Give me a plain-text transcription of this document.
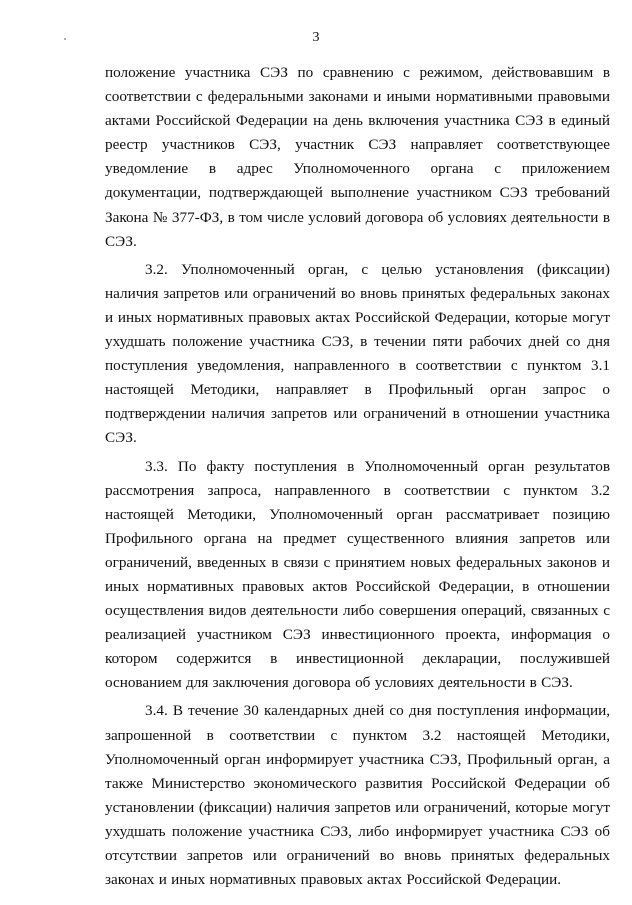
3

положение участника СЭЗ по сравнению с режимом, действовавшим в соответствии с федеральными законами и иными нормативными правовыми актами Российской Федерации на день включения участника СЭЗ в единый реестр участников СЭЗ, участник СЭЗ направляет соответствующее уведомление в адрес Уполномоченного органа с приложением документации, подтверждающей выполнение участником СЭЗ требований Закона № 377-ФЗ, в том числе условий договора об условиях деятельности в СЭЗ.

3.2. Уполномоченный орган, с целью установления (фиксации) наличия запретов или ограничений во вновь принятых федеральных законах и иных нормативных правовых актах Российской Федерации, которые могут ухудшать положение участника СЭЗ, в течении пяти рабочих дней со дня поступления уведомления, направленного в соответствии с пунктом 3.1 настоящей Методики, направляет в Профильный орган запрос о подтверждении наличия запретов или ограничений в отношении участника СЭЗ.

3.3. По факту поступления в Уполномоченный орган результатов рассмотрения запроса, направленного в соответствии с пунктом 3.2 настоящей Методики, Уполномоченный орган рассматривает позицию Профильного органа на предмет существенного влияния запретов или ограничений, введенных в связи с принятием новых федеральных законов и иных нормативных правовых актов Российской Федерации, в отношении осуществления видов деятельности либо совершения операций, связанных с реализацией участником СЭЗ инвестиционного проекта, информация о котором содержится в инвестиционной декларации, послужившей основанием для заключения договора об условиях деятельности в СЭЗ.

3.4. В течение 30 календарных дней со дня поступления информации, запрошенной в соответствии с пунктом 3.2 настоящей Методики, Уполномоченный орган информирует участника СЭЗ, Профильный орган, а также Министерство экономического развития Российской Федерации об установлении (фиксации) наличия запретов или ограничений, которые могут ухудшать положение участника СЭЗ, либо информирует участника СЭЗ об отсутствии запретов или ограничений во вновь принятых федеральных законах и иных нормативных правовых актах Российской Федерации.
